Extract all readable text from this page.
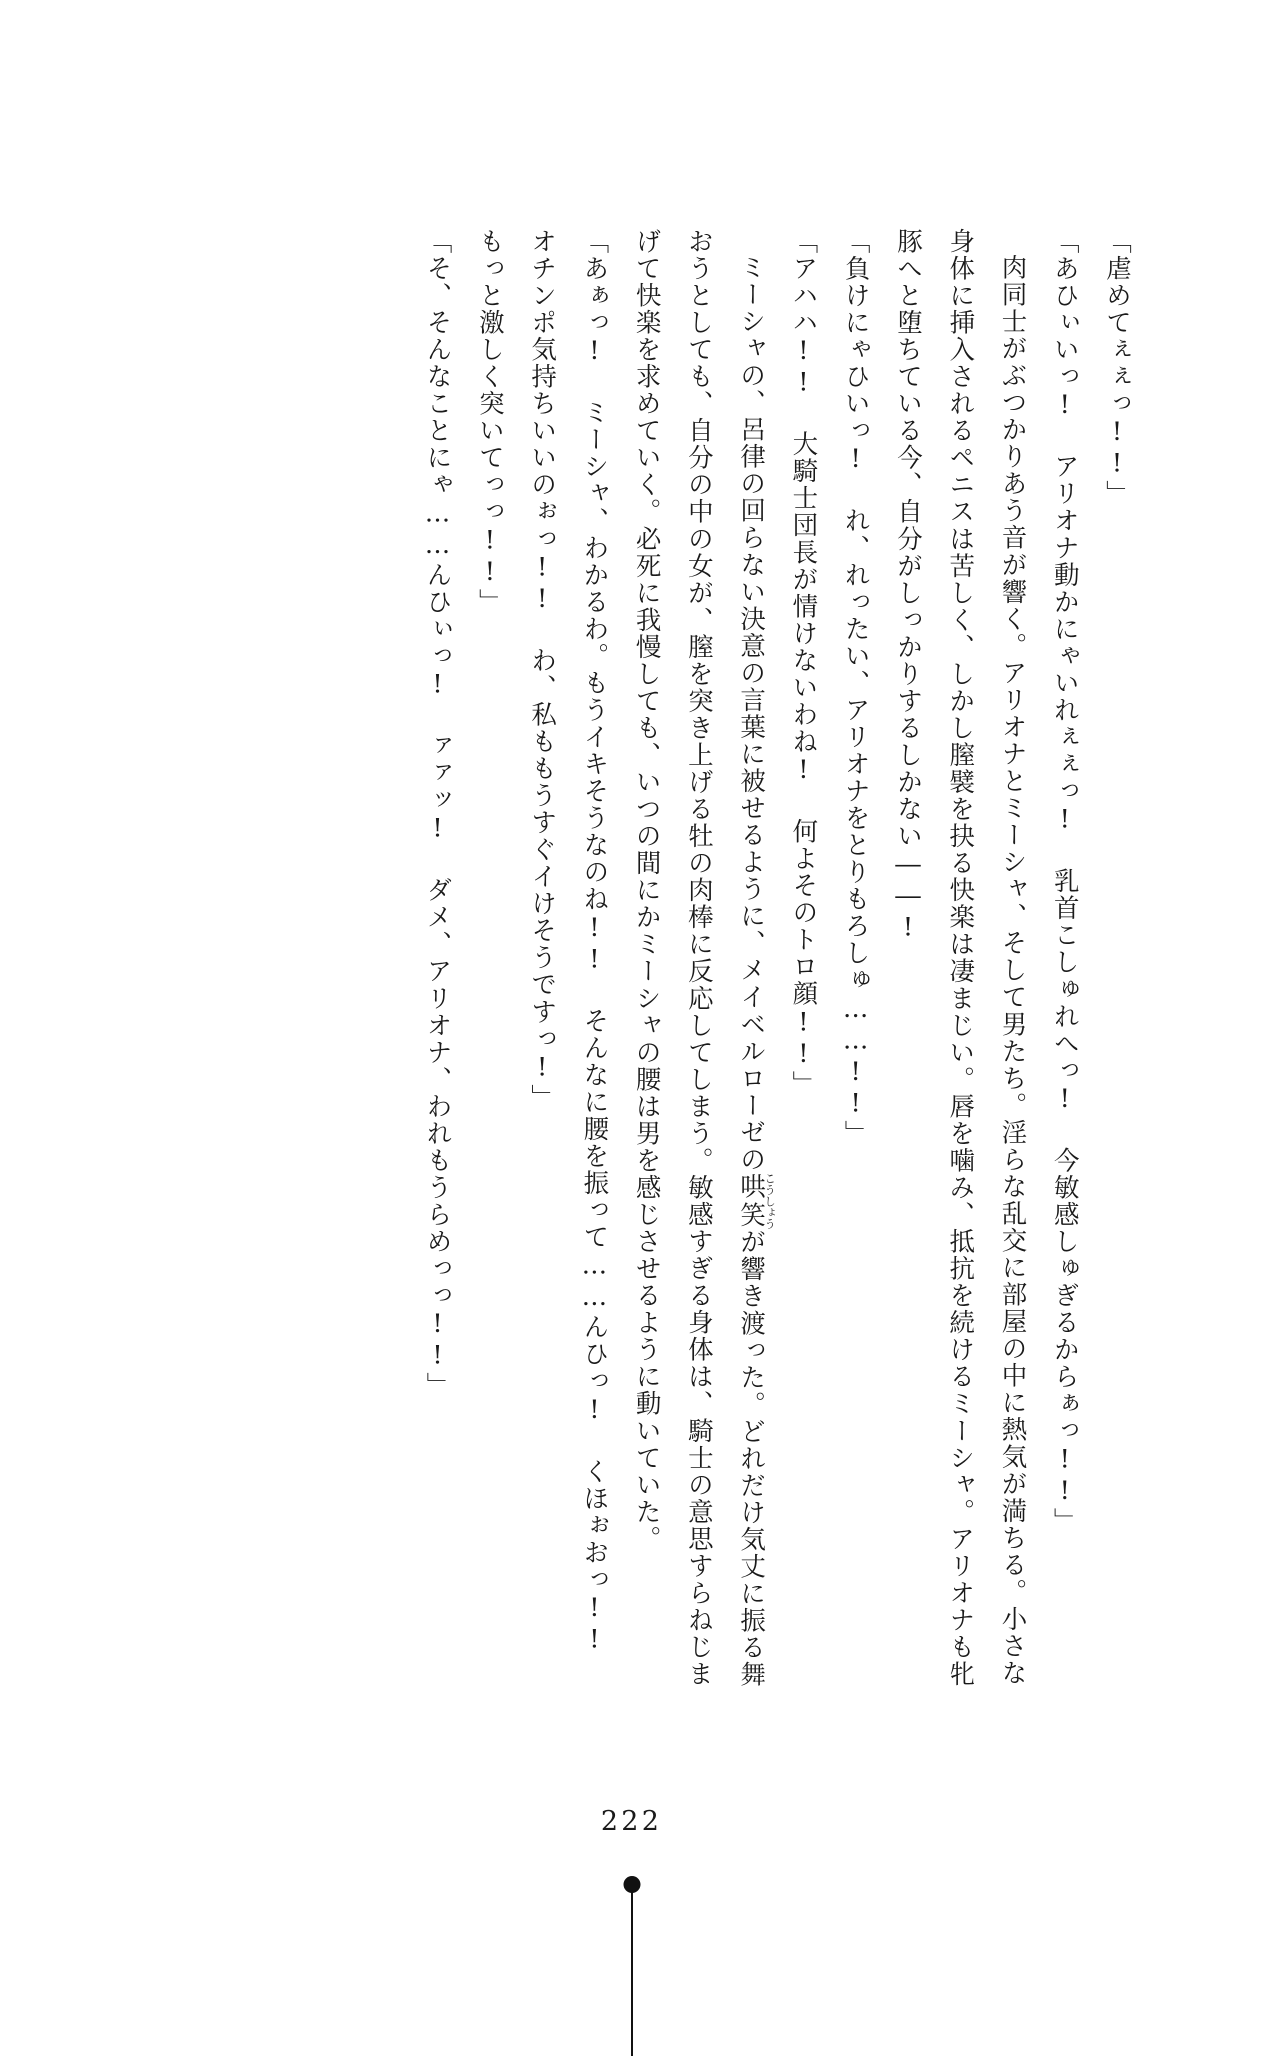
「虐めてぇぇっ!!」

「あひぃいっ! アリオナ動かにゃいれぇぇっ! 乳首こしゅれへっ! 今敏感しゅぎるからぁっ!!」

肉同士がぶつかりあう音が響く。アリオナとミーシャ、そして男たち。淫らな乱交に部屋の中に熱気が満ちる。小さな身体に挿入されるペニスは苦しく、しかし膣襞を抉る快楽は凄まじい。唇を噛み、抵抗を続けるミーシャ。アリオナも牝豚へと堕ちている今、自分がしっかりするしかない――!

「負けにゃひいっ! れ、れったい、アリオナをとりもろしゅ……!!」

「アハハ!! 大騎士団長が情けないわね! 何よそのトロ顔!!」

ミーシャの、呂律の回らない決意の言葉に被せるように、メイベルローゼの哄笑こうしょうが響き渡った。どれだけ気丈に振る舞おうとしても、自分の中の女が、膣を突き上げる牡の肉棒に反応してしまう。敏感すぎる身体は、騎士の意思すらねじまげて快楽を求めていく。必死に我慢しても、いつの間にかミーシャの腰は男を感じさせるように動いていた。

「あぁっ! ミーシャ、わかるわ。もうイキそうなのね!! そんなに腰を振って……んひっ! くほぉおっ!! オチンポ気持ちいいのぉっ!! わ、私ももうすぐイけそうですっ!」

もっと激しく突いてっっ!!」

「そ、そんなことにゃ……んひぃっ! ァァッ! ダメ、アリオナ、われもうらめっっ!!」

222
